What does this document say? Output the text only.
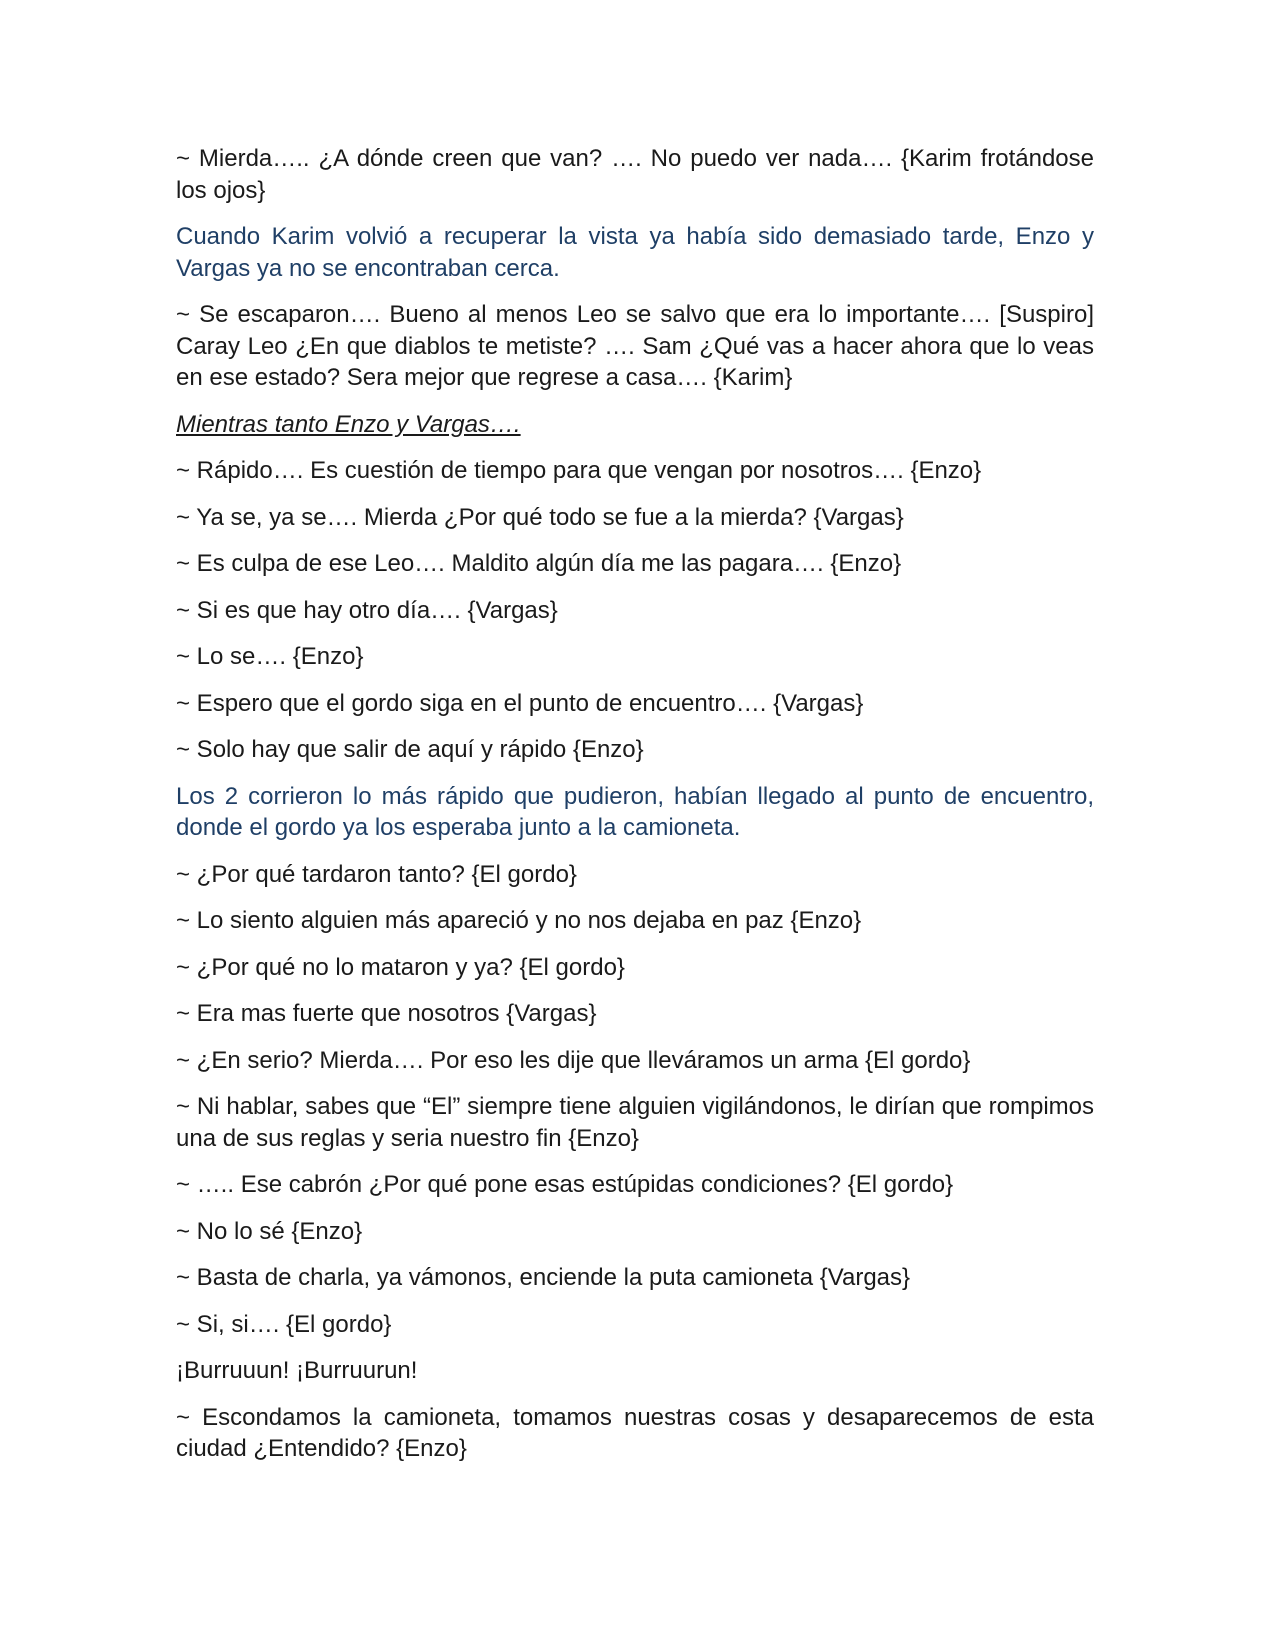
~ Mierda….. ¿A dónde creen que van? …. No puedo ver nada…. {Karim frotándose los ojos}

Cuando Karim volvió a recuperar la vista ya había sido demasiado tarde, Enzo y Vargas ya no se encontraban cerca.

~ Se escaparon…. Bueno al menos Leo se salvo que era lo importante…. [Suspiro] Caray Leo ¿En que diablos te metiste? …. Sam ¿Qué vas a hacer ahora que lo veas en ese estado? Sera mejor que regrese a casa…. {Karim}

Mientras tanto Enzo y Vargas….

~ Rápido…. Es cuestión de tiempo para que vengan por nosotros…. {Enzo}

~ Ya se, ya se…. Mierda ¿Por qué todo se fue a la mierda? {Vargas}

~ Es culpa de ese Leo…. Maldito algún día me las pagara…. {Enzo}

~ Si es que hay otro día…. {Vargas}

~ Lo se…. {Enzo}

~ Espero que el gordo siga en el punto de encuentro…. {Vargas}

~ Solo hay que salir de aquí y rápido {Enzo}

Los 2 corrieron lo más rápido que pudieron, habían llegado al punto de encuentro, donde el gordo ya los esperaba junto a la camioneta.

~ ¿Por qué tardaron tanto? {El gordo}

~ Lo siento alguien más apareció y no nos dejaba en paz {Enzo}

~ ¿Por qué no lo mataron y ya? {El gordo}

~ Era mas fuerte que nosotros {Vargas}

~ ¿En serio? Mierda…. Por eso les dije que lleváramos un arma {El gordo}

~ Ni hablar, sabes que “El” siempre tiene alguien vigilándonos, le dirían que rompimos una de sus reglas y seria nuestro fin {Enzo}

~ ….. Ese cabrón ¿Por qué pone esas estúpidas condiciones? {El gordo}

~ No lo sé {Enzo}

~ Basta de charla, ya vámonos, enciende la puta camioneta {Vargas}

~ Si, si…. {El gordo}

¡Burruuun! ¡Burruurun!

~ Escondamos la camioneta, tomamos nuestras cosas y desaparecemos de esta ciudad ¿Entendido? {Enzo}
